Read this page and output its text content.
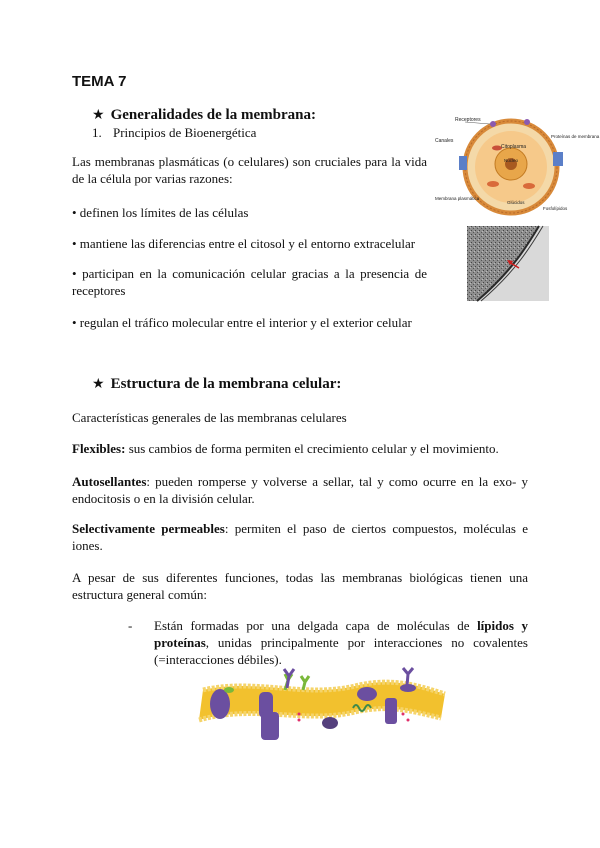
TEMA 7
★ Generalidades de la membrana:
1. Principios de Bioenergética
Las membranas plasmáticas (o celulares) son cruciales para la vida de la célula por varias razones:
• definen los límites de las células
• mantiene las diferencias entre el citosol y el entorno extracelular
• participan en la comunicación celular gracias a la presencia de receptores
• regulan el tráfico molecular entre el interior y el exterior celular
Receptores
Canales
Citoplasma
Núcleo
Proteínas de membrana
Membrana plasmática
Glúcidos
Fosfolípidos
★ Estructura de la membrana celular:
Características generales de las membranas celulares
Flexibles: sus cambios de forma permiten el crecimiento celular y el movimiento.
Autosellantes: pueden romperse y volverse a sellar, tal y como ocurre en la exo- y endocitosis o en la división celular.
Selectivamente permeables: permiten el paso de ciertos compuestos, moléculas e iones.
A pesar de sus diferentes funciones, todas las membranas biológicas tienen una estructura general común:
-	Están formadas por una delgada capa de moléculas de lípidos y proteínas, unidas principalmente por interacciones no covalentes (=interacciones débiles).
